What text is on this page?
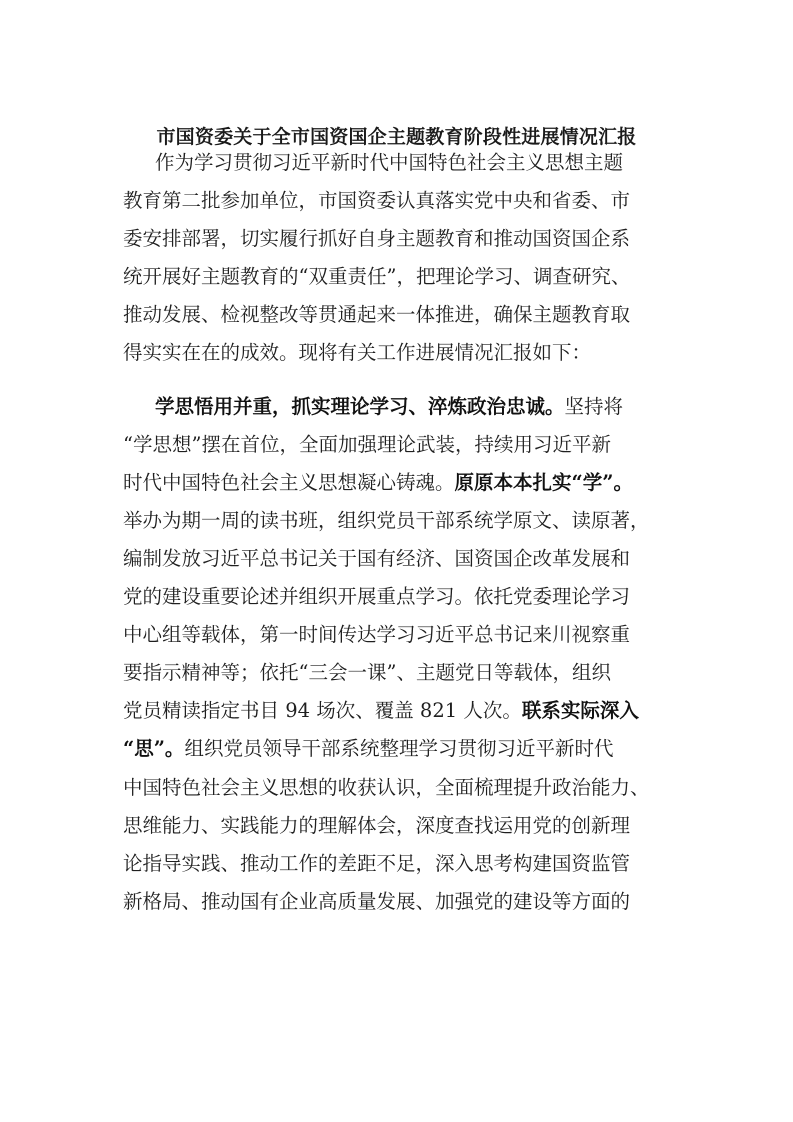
市国资委关于全市国资国企主题教育阶段性进展情况汇报

作为学习贯彻习近平新时代中国特色社会主义思想主题
教育第二批参加单位，市国资委认真落实党中央和省委、市
委安排部署，切实履行抓好自身主题教育和推动国资国企系
统开展好主题教育的“双重责任”，把理论学习、调查研究、
推动发展、检视整改等贯通起来一体推进，确保主题教育取
得实实在在的成效。现将有关工作进展情况汇报如下：

学思悟用并重，抓实理论学习、淬炼政治忠诚。坚持将
“学思想”摆在首位，全面加强理论武装，持续用习近平新
时代中国特色社会主义思想凝心铸魂。原原本本扎实“学”。
举办为期一周的读书班，组织党员干部系统学原文、读原著，
编制发放习近平总书记关于国有经济、国资国企改革发展和
党的建设重要论述并组织开展重点学习。依托党委理论学习
中心组等载体，第一时间传达学习习近平总书记来川视察重
要指示精神等；依托“三会一课”、主题党日等载体，组织
党员精读指定书目 94 场次、覆盖 821 人次。联系实际深入
“思”。组织党员领导干部系统整理学习贯彻习近平新时代
中国特色社会主义思想的收获认识，全面梳理提升政治能力、
思维能力、实践能力的理解体会，深度查找运用党的创新理
论指导实践、推动工作的差距不足，深入思考构建国资监管
新格局、推动国有企业高质量发展、加强党的建设等方面的
